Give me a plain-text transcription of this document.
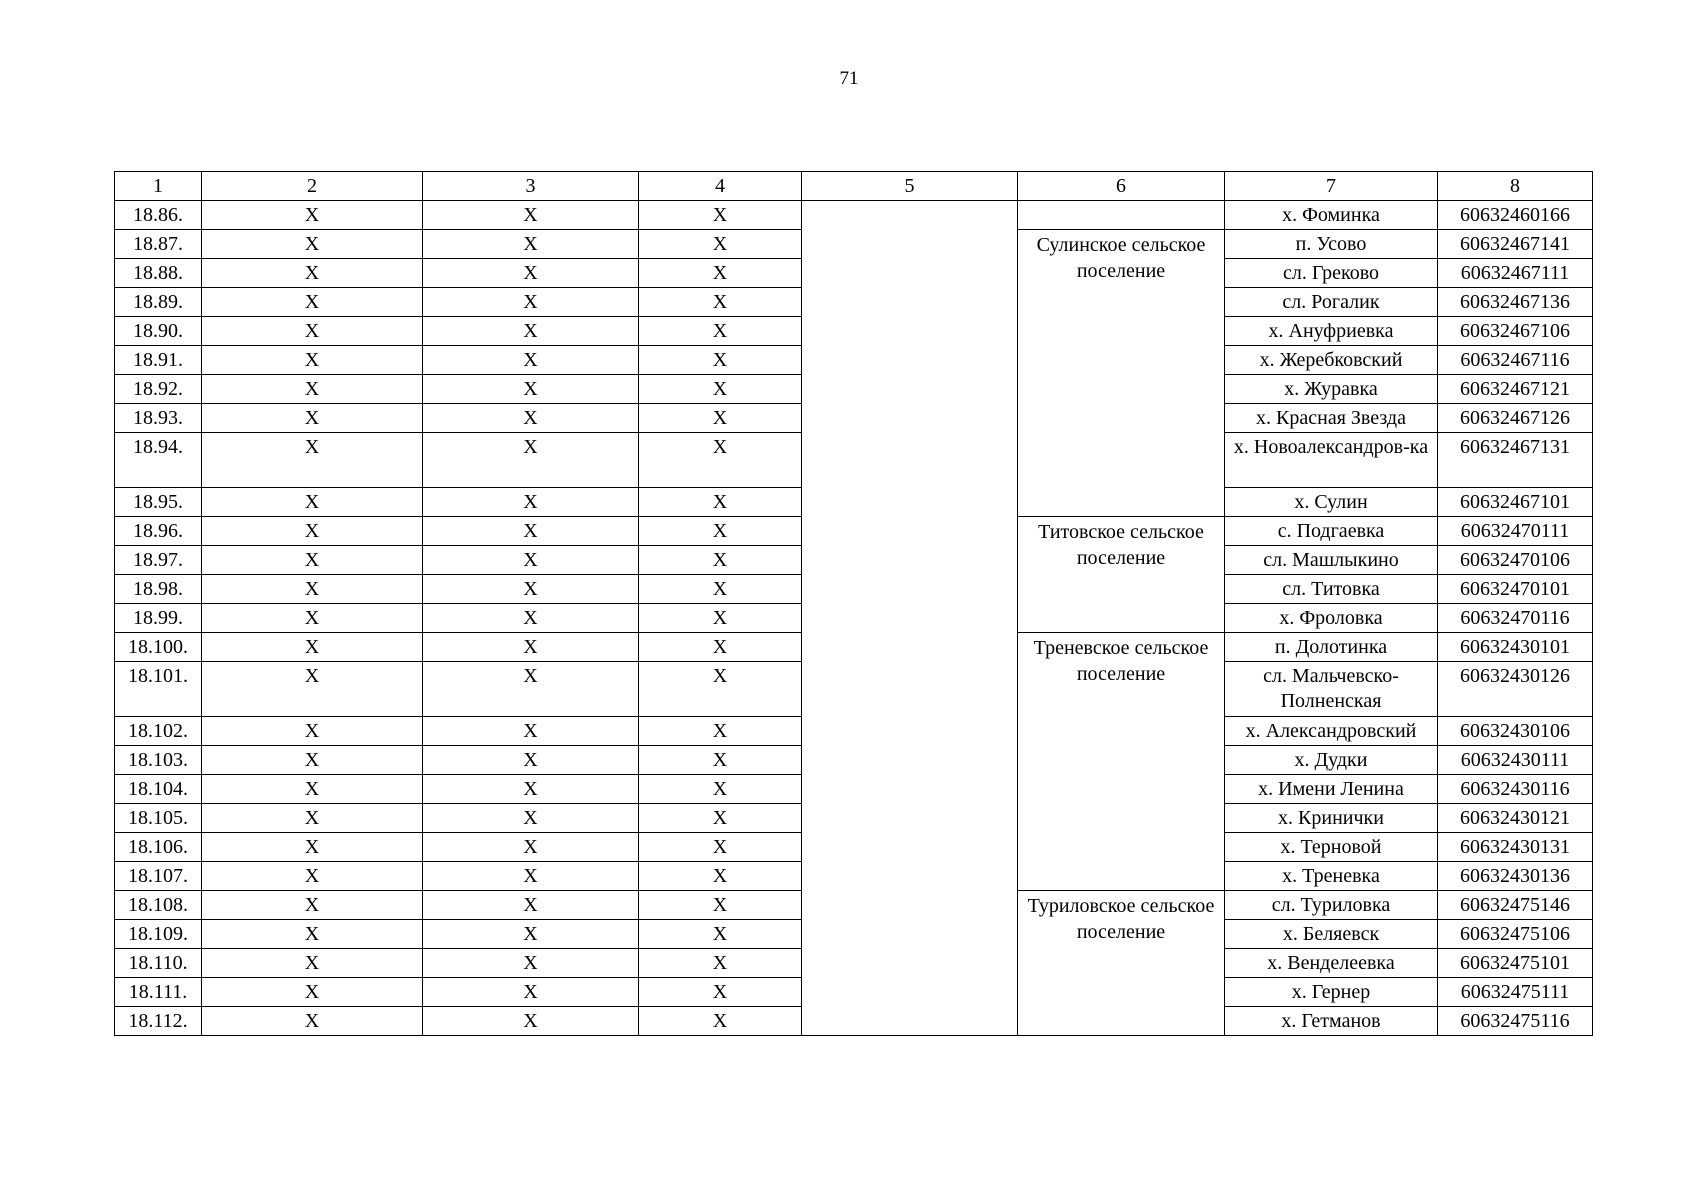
71
1	2	3	4	5	6	7	8
18.86.	Х	Х	Х			х. Фоминка	60632460166
18.87.	Х	Х	Х		Сулинское сельское поселение	п. Усово	60632467141
18.88.	Х	Х	Х			сл. Греково	60632467111
18.89.	Х	Х	Х			сл. Рогалик	60632467136
18.90.	Х	Х	Х			х. Ануфриевка	60632467106
18.91.	Х	Х	Х			х. Жеребковский	60632467116
18.92.	Х	Х	Х			х. Журавка	60632467121
18.93.	Х	Х	Х			х. Красная Звезда	60632467126
18.94.	Х	Х	Х			х. Новоалександров-ка	60632467131
18.95.	Х	Х	Х			х. Сулин	60632467101
18.96.	Х	Х	Х		Титовское сельское поселение	с. Подгаевка	60632470111
18.97.	Х	Х	Х			сл. Машлыкино	60632470106
18.98.	Х	Х	Х			сл. Титовка	60632470101
18.99.	Х	Х	Х			х. Фроловка	60632470116
18.100.	Х	Х	Х		Треневское сельское поселение	п. Долотинка	60632430101
18.101.	Х	Х	Х			сл. Мальчевско-Полненская	60632430126
18.102.	Х	Х	Х			х. Александровский	60632430106
18.103.	Х	Х	Х			х. Дудки	60632430111
18.104.	Х	Х	Х			х. Имени Ленина	60632430116
18.105.	Х	Х	Х			х. Криничк​и	60632430121
18.106.	Х	Х	Х			х. Терновой	60632430131
18.107.	Х	Х	Х			х. Треневка	60632430136
18.108.	Х	Х	Х		Туриловское сельское поселение	сл. Туриловка	60632475146
18.109.	Х	Х	Х			х. Беляевск	60632475106
18.110.	Х	Х	Х			х. Венделеевка	60632475101
18.111.	Х	Х	Х			х. Гернер	60632475111
18.112.	Х	Х	Х			х. Гетманов	60632475116
